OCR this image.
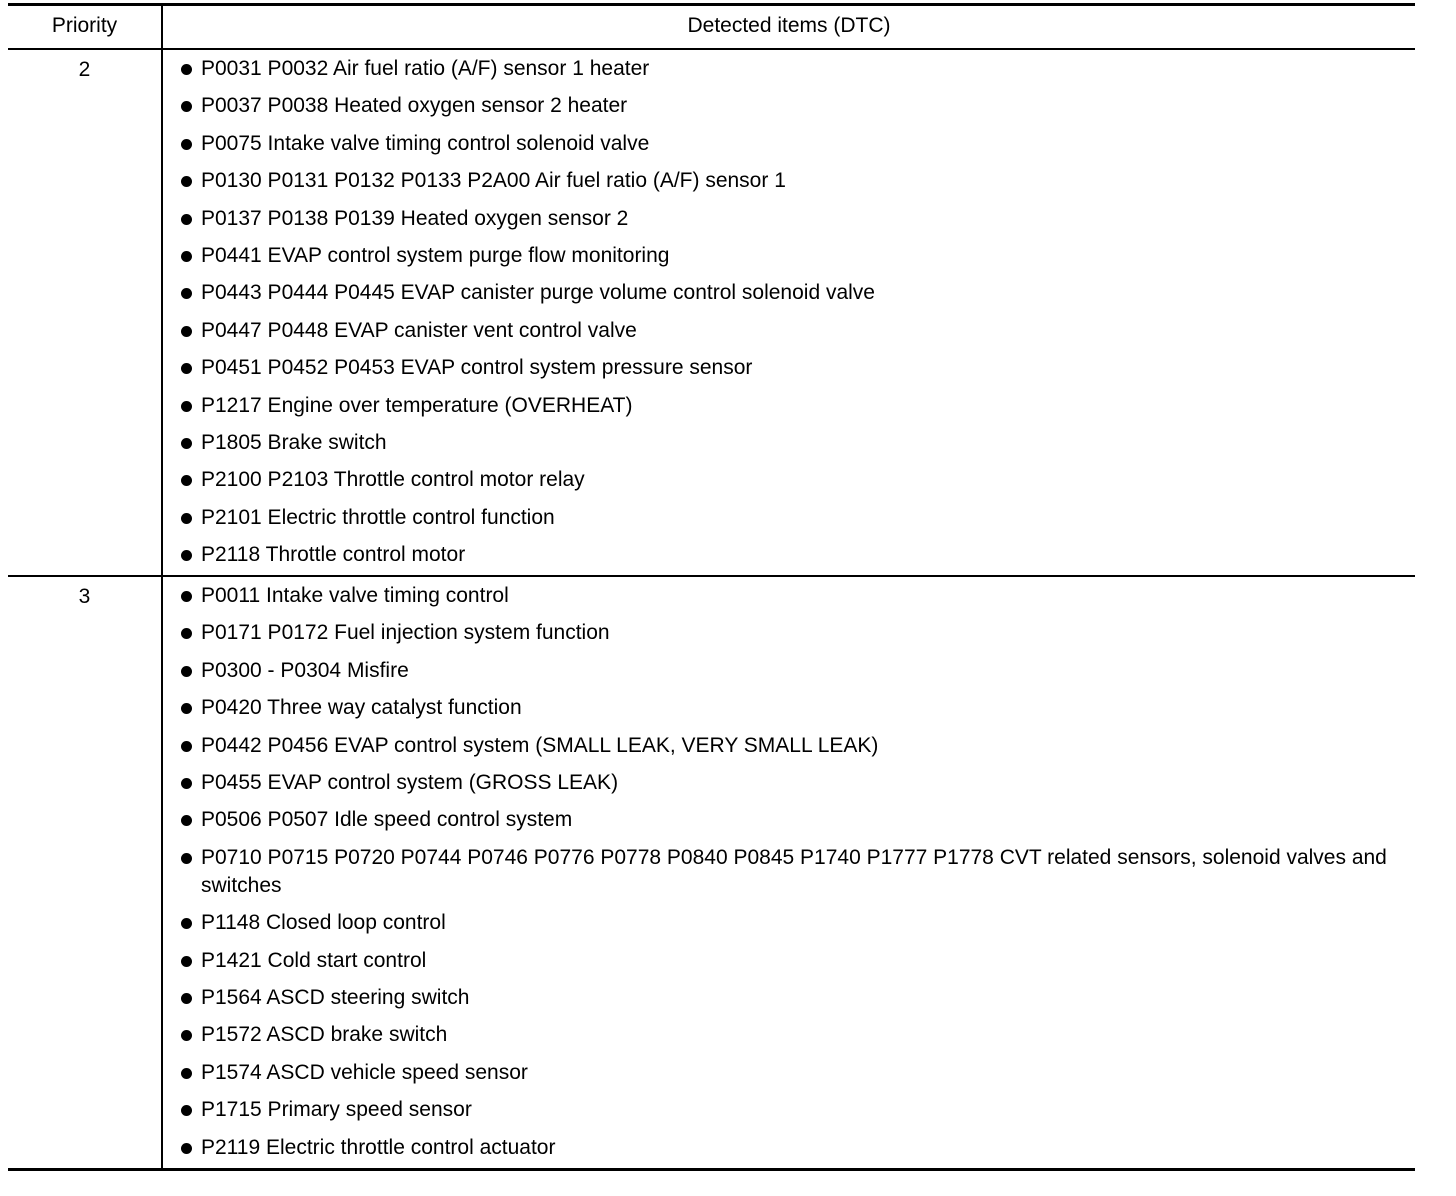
Priority	Detected items (DTC)
2	P0031 P0032 Air fuel ratio (A/F) sensor 1 heater
P0037 P0038 Heated oxygen sensor 2 heater
P0075 Intake valve timing control solenoid valve
P0130 P0131 P0132 P0133 P2A00 Air fuel ratio (A/F) sensor 1
P0137 P0138 P0139 Heated oxygen sensor 2
P0441 EVAP control system purge flow monitoring
P0443 P0444 P0445 EVAP canister purge volume control solenoid valve
P0447 P0448 EVAP canister vent control valve
P0451 P0452 P0453 EVAP control system pressure sensor
P1217 Engine over temperature (OVERHEAT)
P1805 Brake switch
P2100 P2103 Throttle control motor relay
P2101 Electric throttle control function
P2118 Throttle control motor
3	P0011 Intake valve timing control
P0171 P0172 Fuel injection system function
P0300 - P0304 Misfire
P0420 Three way catalyst function
P0442 P0456 EVAP control system (SMALL LEAK, VERY SMALL LEAK)
P0455 EVAP control system (GROSS LEAK)
P0506 P0507 Idle speed control system
P0710 P0715 P0720 P0744 P0746 P0776 P0778 P0840 P0845 P1740 P1777 P1778 CVT related sensors, solenoid valves and switches
P1148 Closed loop control
P1421 Cold start control
P1564 ASCD steering switch
P1572 ASCD brake switch
P1574 ASCD vehicle speed sensor
P1715 Primary speed sensor
P2119 Electric throttle control actuator
